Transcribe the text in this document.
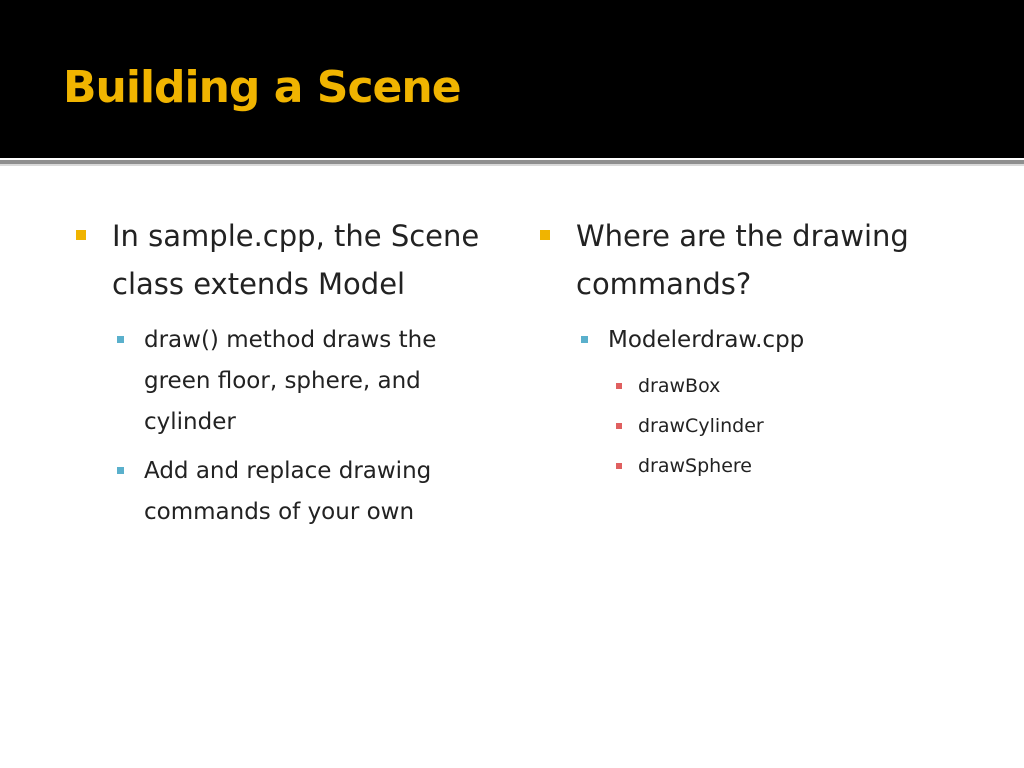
Building a Scene
In sample.cpp, the Scene class extends Model
draw() method draws the green floor, sphere, and cylinder
Add and replace drawing commands of your own
Where are the drawing commands?
Modelerdraw.cpp
drawBox
drawCylinder
drawSphere
